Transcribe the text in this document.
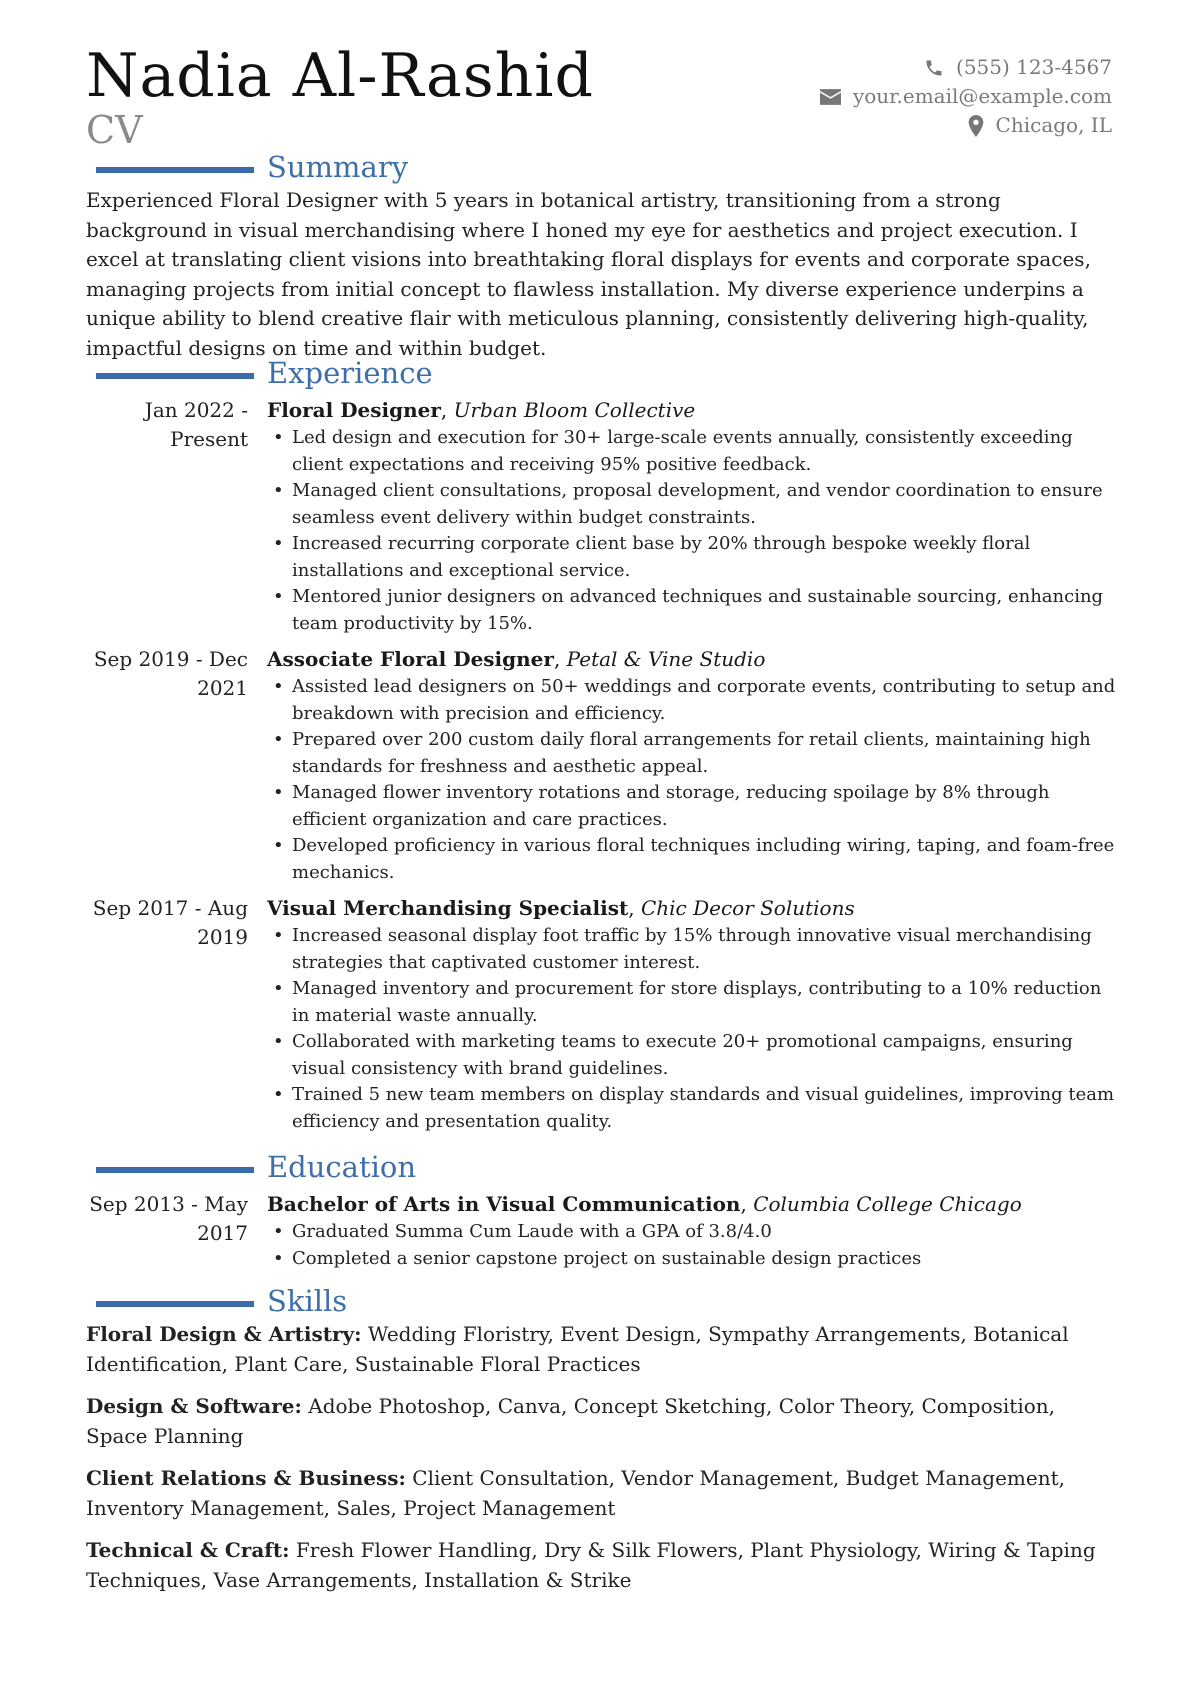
Nadia Al-Rashid
CV
(555) 123-4567
your.email@example.com
Chicago, IL
Summary

Experienced Floral Designer with 5 years in botanical artistry, transitioning from a strong background in visual merchandising where I honed my eye for aesthetics and project execution. I excel at translating client visions into breathtaking floral displays for events and corporate spaces, managing projects from initial concept to flawless installation. My diverse experience underpins a unique ability to blend creative flair with meticulous planning, consistently delivering high-quality, impactful designs on time and within budget.

Experience
Jan 2022 - Present
Floral Designer, Urban Bloom Collective
• Led design and execution for 30+ large-scale events annually, consistently exceeding client expectations and receiving 95% positive feedback.
• Managed client consultations, proposal development, and vendor coordination to ensure seamless event delivery within budget constraints.
• Increased recurring corporate client base by 20% through bespoke weekly floral installations and exceptional service.
• Mentored junior designers on advanced techniques and sustainable sourcing, enhancing team productivity by 15%.
Sep 2019 - Dec 2021
Associate Floral Designer, Petal & Vine Studio
• Assisted lead designers on 50+ weddings and corporate events, contributing to setup and breakdown with precision and efficiency.
• Prepared over 200 custom daily floral arrangements for retail clients, maintaining high standards for freshness and aesthetic appeal.
• Managed flower inventory rotations and storage, reducing spoilage by 8% through efficient organization and care practices.
• Developed proficiency in various floral techniques including wiring, taping, and foam-free mechanics.
Sep 2017 - Aug 2019
Visual Merchandising Specialist, Chic Decor Solutions
• Increased seasonal display foot traffic by 15% through innovative visual merchandising strategies that captivated customer interest.
• Managed inventory and procurement for store displays, contributing to a 10% reduction in material waste annually.
• Collaborated with marketing teams to execute 20+ promotional campaigns, ensuring visual consistency with brand guidelines.
• Trained 5 new team members on display standards and visual guidelines, improving team efficiency and presentation quality.
Education
Sep 2013 - May 2017
Bachelor of Arts in Visual Communication, Columbia College Chicago
• Graduated Summa Cum Laude with a GPA of 3.8/4.0
• Completed a senior capstone project on sustainable design practices
Skills

Floral Design & Artistry: Wedding Floristry, Event Design, Sympathy Arrangements, Botanical Identification, Plant Care, Sustainable Floral Practices

Design & Software: Adobe Photoshop, Canva, Concept Sketching, Color Theory, Composition, Space Planning

Client Relations & Business: Client Consultation, Vendor Management, Budget Management, Inventory Management, Sales, Project Management

Technical & Craft: Fresh Flower Handling, Dry & Silk Flowers, Plant Physiology, Wiring & Taping Techniques, Vase Arrangements, Installation & Strike
